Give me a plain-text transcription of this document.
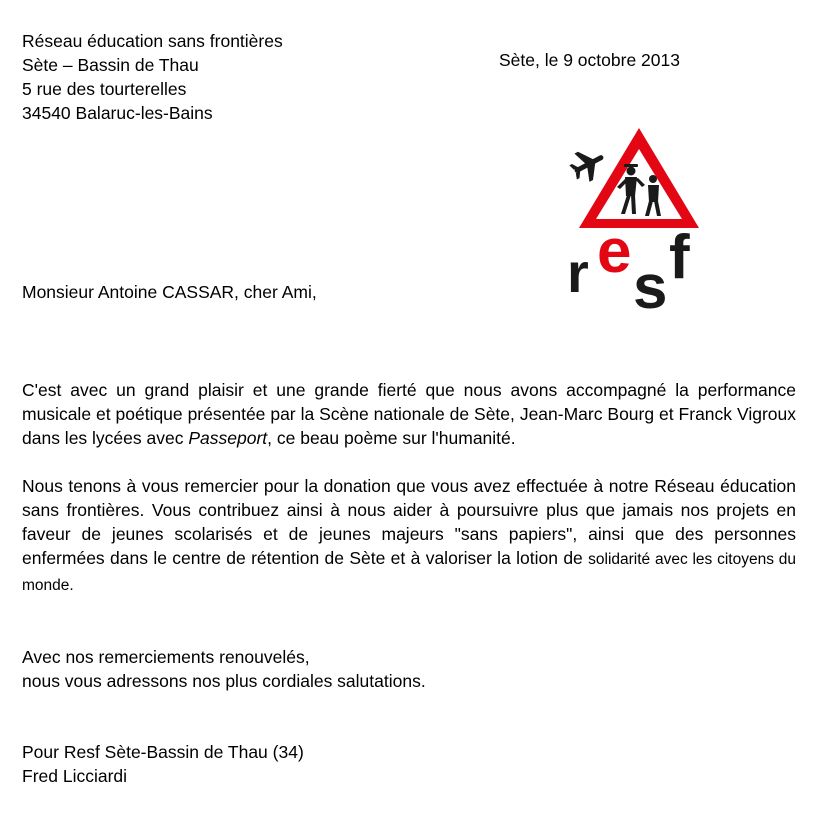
Réseau éducation sans frontières
Sète – Bassin de Thau
5 rue des tourterelles
34540 Balaruc-les-Bains
Sète, le 9 octobre 2013
r e
s f
Monsieur Antoine CASSAR, cher Ami,

C'est avec un grand plaisir et une grande fierté que nous avons accompagné la performance musicale et poétique présentée par la Scène nationale de Sète, Jean-Marc Bourg et Franck Vigroux dans les lycées avec Passeport, ce beau poème sur l'humanité.

Nous tenons à vous remercier pour la donation que vous avez effectuée à notre Réseau éducation sans frontières. Vous contribuez ainsi à nous aider à poursuivre plus que jamais nos projets en faveur de jeunes scolarisés et de jeunes majeurs "sans papiers", ainsi que des personnes enfermées dans le centre de rétention de Sète et à valoriser la lotion de solidarité avec les citoyens du monde.

Avec nos remerciements renouvelés,
nous vous adressons nos plus cordiales salutations.
Pour Resf Sète-Bassin de Thau (34)
Fred Licciardi
